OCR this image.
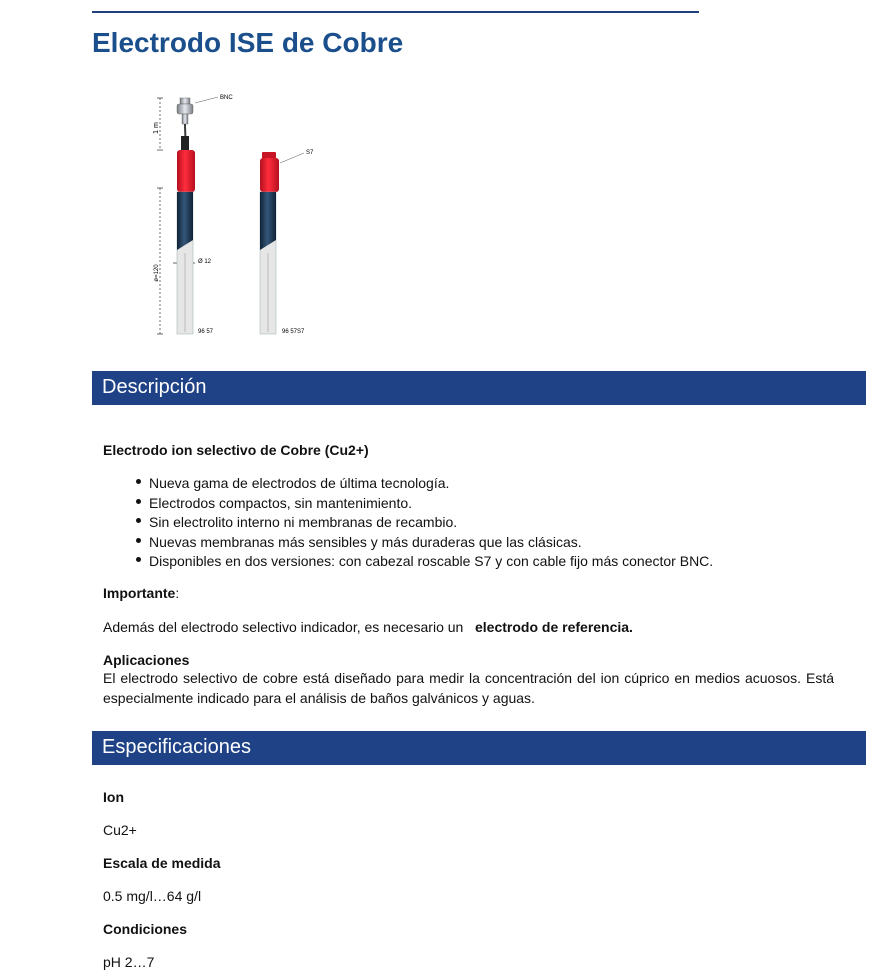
Electrodo ISE de Cobre
1 m
ø=120
BNC
Ø 12
96 57
S7
96 57S7
Descripción

Electrodo ion selectivo de Cobre (Cu2+)

Nueva gama de electrodos de última tecnología.
Electrodos compactos, sin mantenimiento.
Sin electrolito interno ni membranas de recambio.
Nuevas membranas más sensibles y más duraderas que las clásicas.
Disponibles en dos versiones: con cabezal roscable S7 y con cable fijo más conector BNC.

Importante:

Además del electrodo selectivo indicador, es necesario un electrodo de referencia.

Aplicaciones

El electrodo selectivo de cobre está diseñado para medir la concentración del ion cúprico en medios acuosos. Está especialmente indicado para el análisis de baños galvánicos y aguas.

Especificaciones

Ion

Cu2+

Escala de medida

0.5 mg/l…64 g/l

Condiciones

pH 2…7
